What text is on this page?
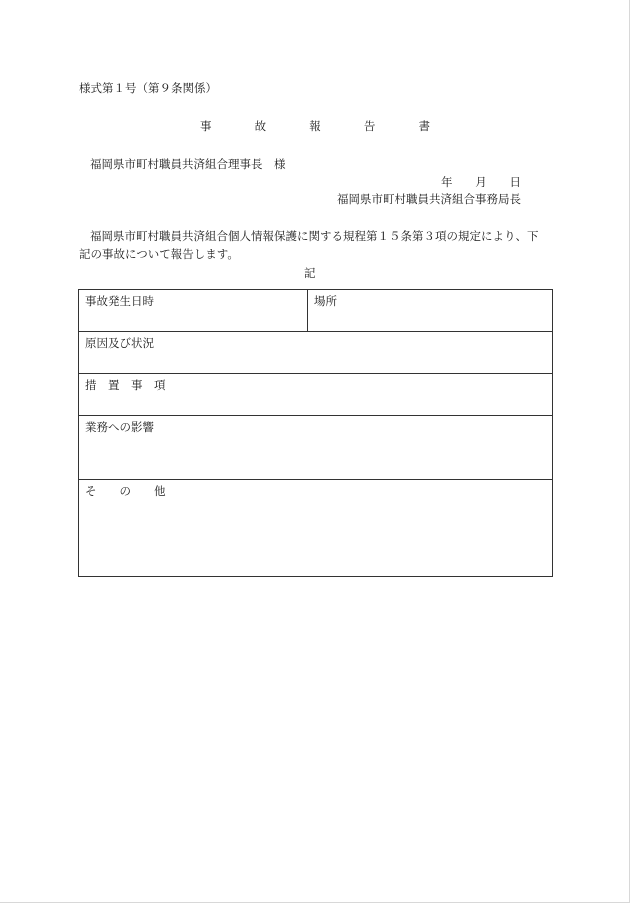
様式第１号（第９条関係）
事	故	報	告	書
福岡県市町村職員共済組合理事長　様
年 月 日
福岡県市町村職員共済組合事務局長
福岡県市町村職員共済組合個人情報保護に関する規程第１５条第３項の規定により、下
記の事故について報告します。
記
事故発生日時	場所
原因及び状況
措　置　事　項
業務への影響
そ　　の　　他
